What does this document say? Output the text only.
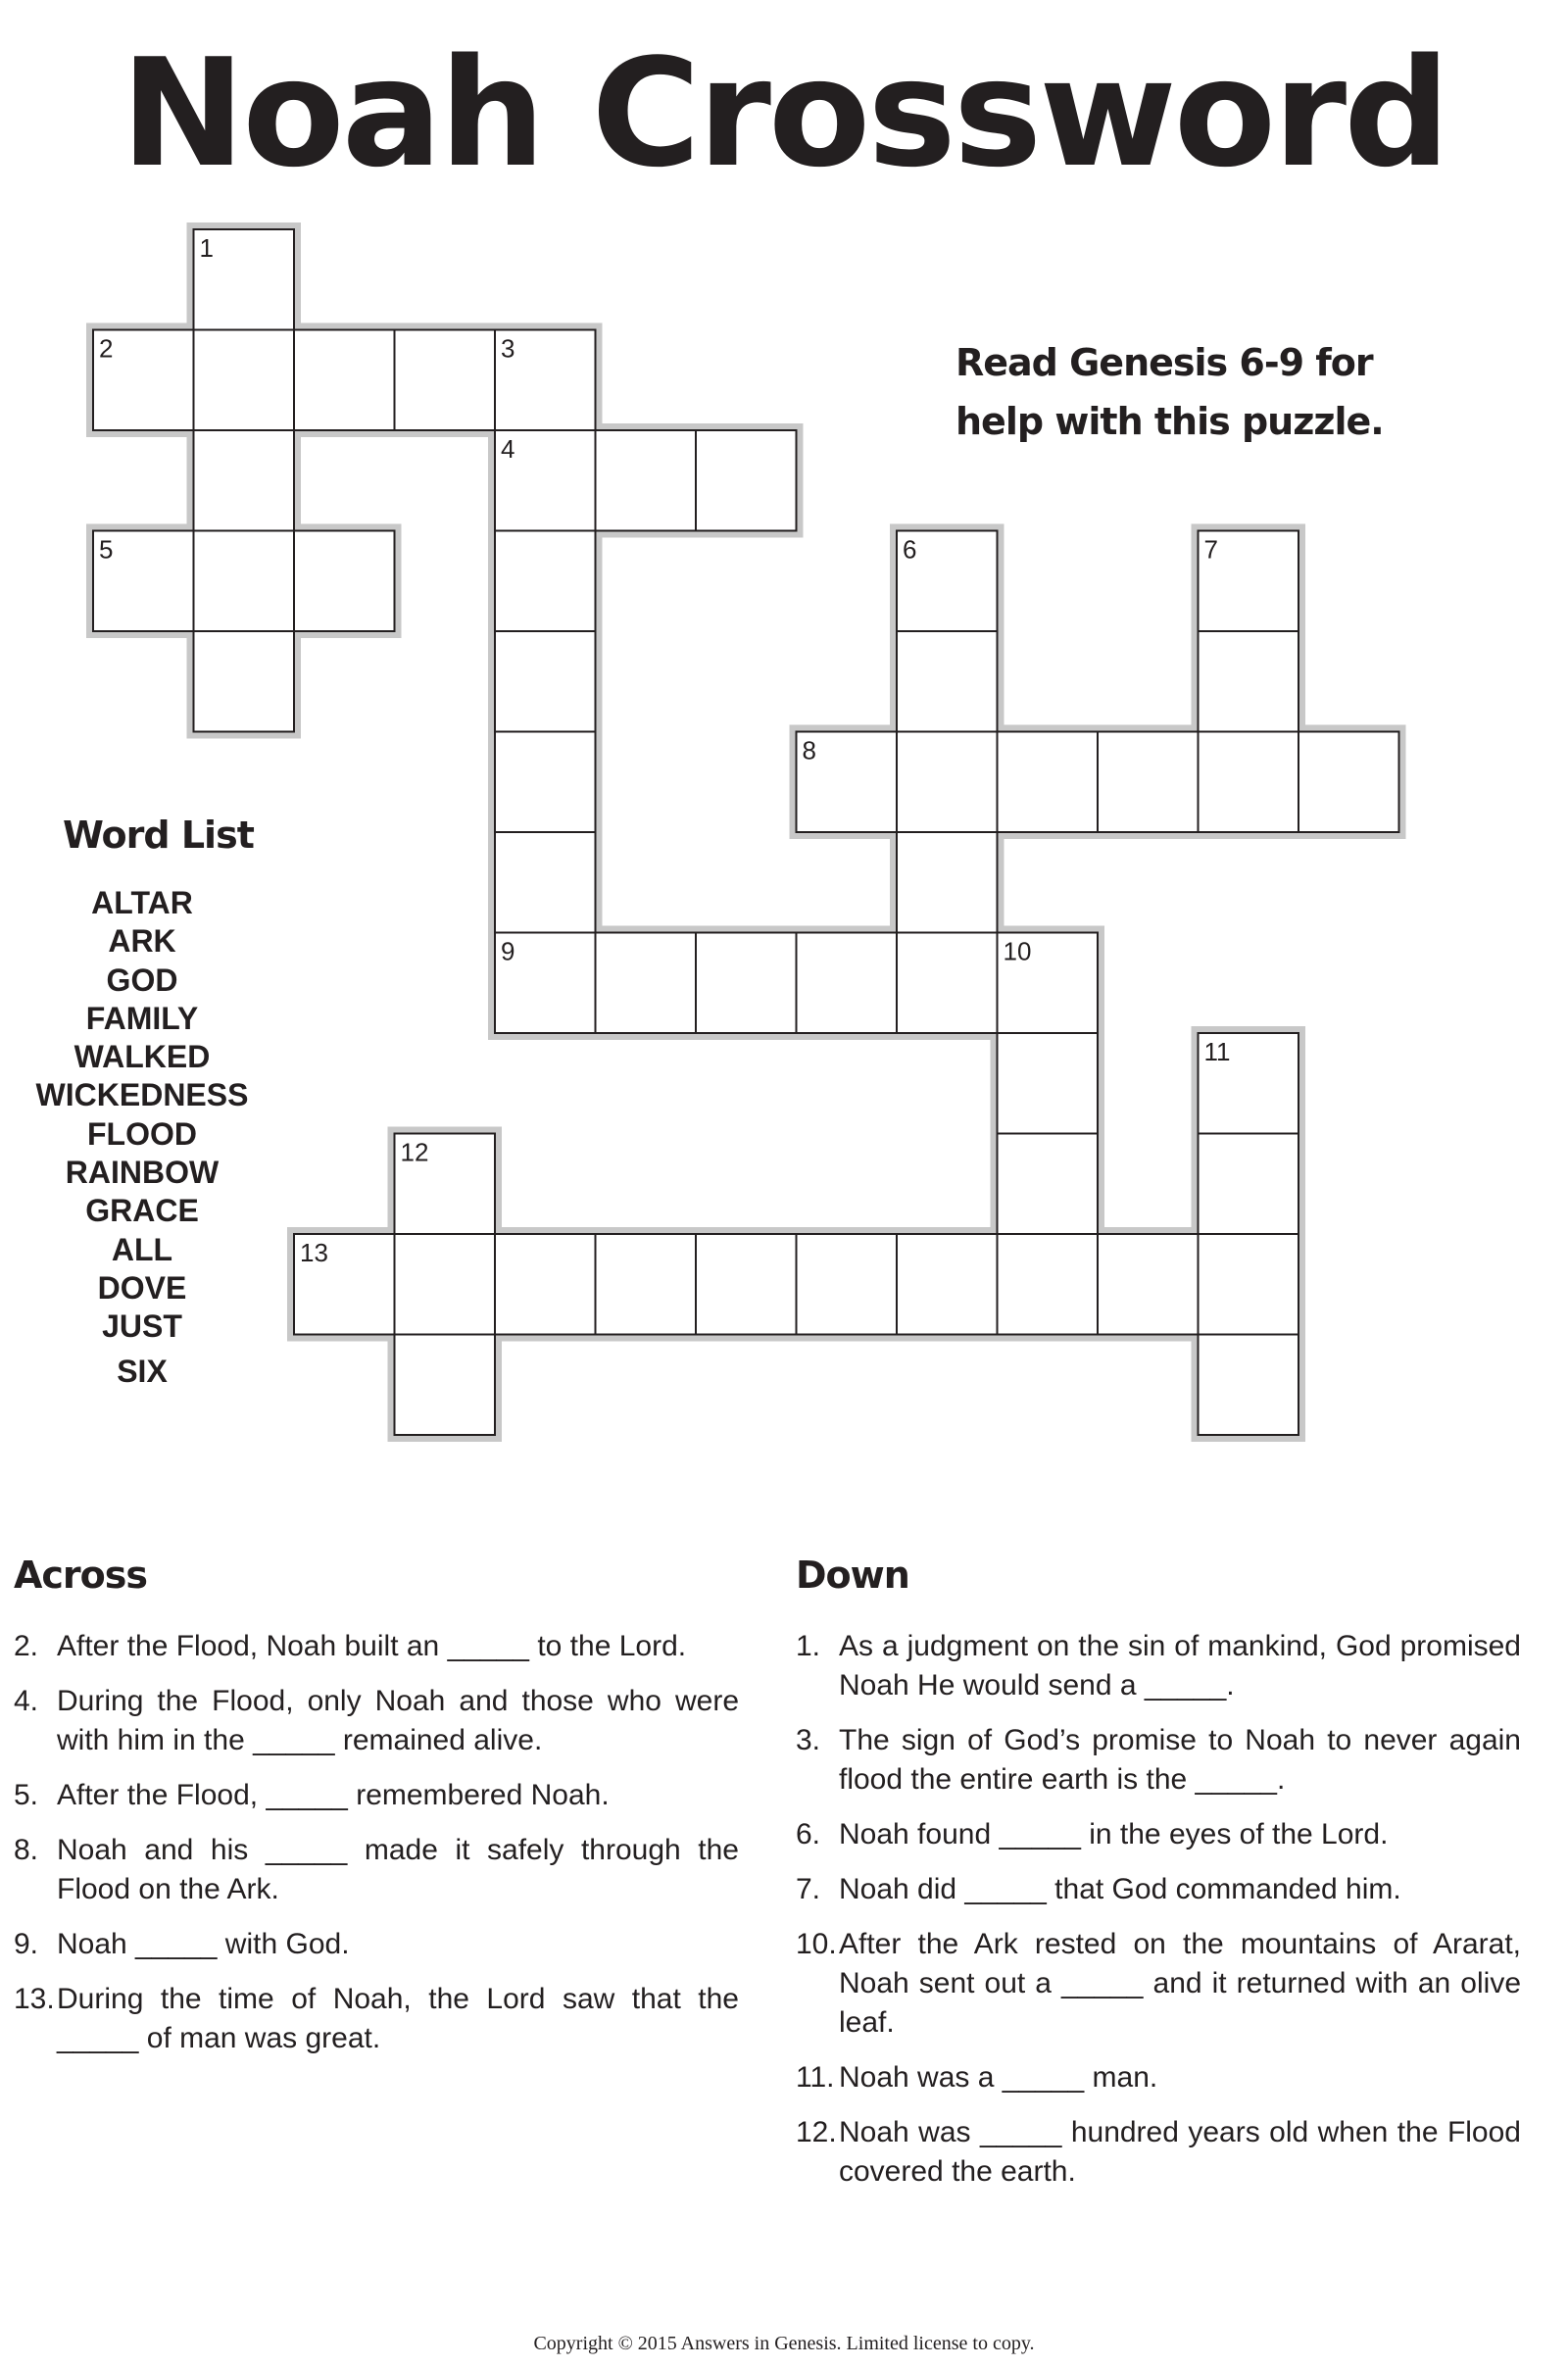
Noah Crossword
1
2	3
4
5	6	7
8
9	10
11
12
13
Read Genesis 6-9 for
help with this puzzle.
Word List
ALTAR
ARK
GOD
FAMILY
WALKED
WICKEDNESS
FLOOD
RAINBOW
GRACE
ALL
DOVE
JUST
SIX
Across
2. After the Flood, Noah built an _____ to the Lord.
4. During the Flood, only Noah and those who were with him in the _____ remained alive.
5. After the Flood, _____ remembered Noah.
8. Noah and his _____ made it safely through the Flood on the Ark.
9. Noah _____ with God.
13. During the time of Noah, the Lord saw that the _____ of man was great.
Down
1. As a judgment on the sin of mankind, God promised Noah He would send a _____.
3. The sign of God’s promise to Noah to never again flood the entire earth is the _____.
6. Noah found _____ in the eyes of the Lord.
7. Noah did _____ that God commanded him.
10. After the Ark rested on the mountains of Ararat, Noah sent out a _____ and it returned with an olive leaf.
11. Noah was a _____ man.
12. Noah was _____ hundred years old when the Flood covered the earth.
Copyright © 2015 Answers in Genesis. Limited license to copy.
